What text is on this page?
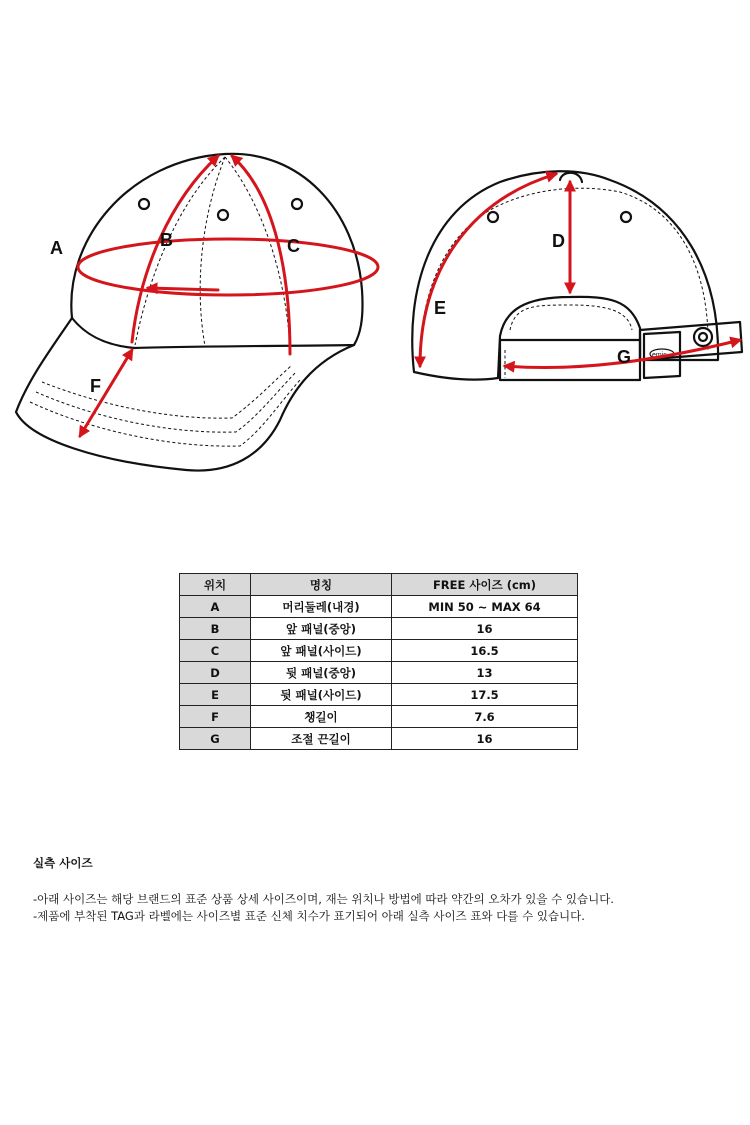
A	B	C
F
emis
D
E
G
위치	명칭	FREE 사이즈 (cm)
A	머리둘레(내경)	MIN 50 ~ MAX 64
B	앞 패널(중앙)	16
C	앞 패널(사이드)	16.5
D	뒷 패널(중앙)	13
E	뒷 패널(사이드)	17.5
F	챙길이	7.6
G	조절 끈길이	16
실측 사이즈

-아래 사이즈는 해당 브랜드의 표준 상품 상세 사이즈이며, 재는 위치나 방법에 따라 약간의 오차가 있을 수 있습니다.

-제품에 부착된 TAG과 라벨에는 사이즈별 표준 신체 치수가 표기되어 아래 실측 사이즈 표와 다를 수 있습니다.
